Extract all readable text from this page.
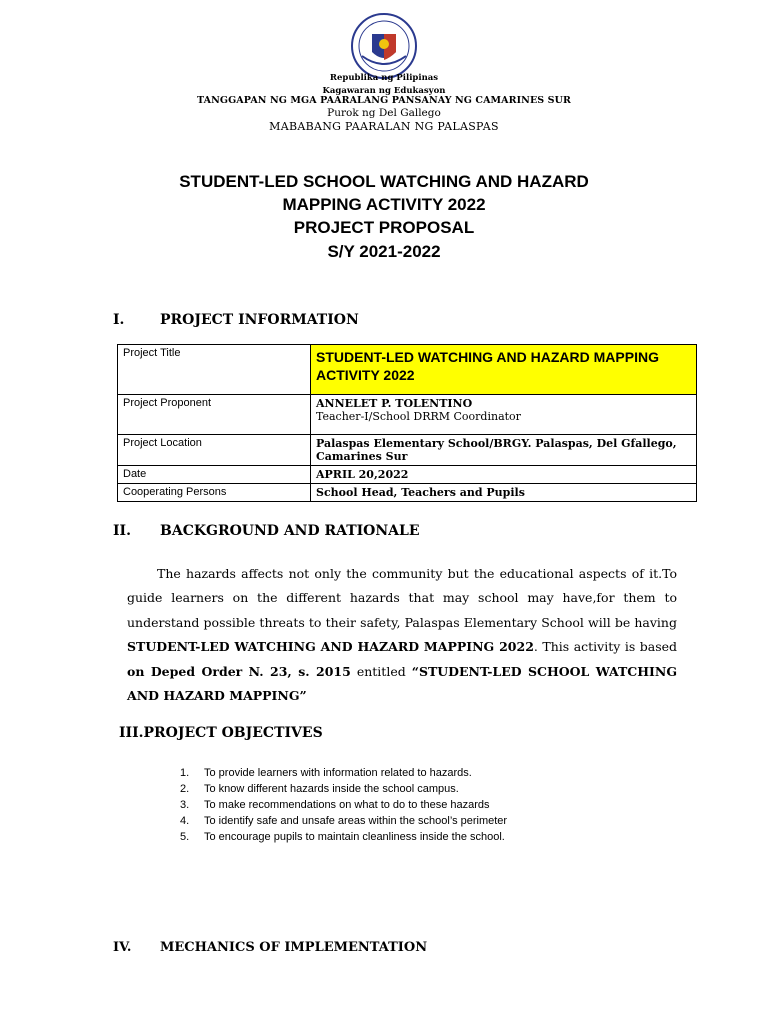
Republika ng Pilipinas
Kagawaran ng Edukasyon
TANGGAPAN NG MGA PAARALANG PANSANAY NG CAMARINES SUR
Purok ng Del Gallego
MABABANG PAARALAN NG PALASPAS
STUDENT-LED SCHOOL WATCHING AND HAZARD
MAPPING ACTIVITY 2022
PROJECT PROPOSAL
S/Y 2021-2022
I.	PROJECT INFORMATION
Project Title	STUDENT-LED WATCHING AND HAZARD MAPPING ACTIVITY 2022
Project Proponent	ANNELET P. TOLENTINO
Teacher-I/School DRRM Coordinator

Project Location	Palaspas Elementary School/BRGY. Palaspas, Del Gfallego, Camarines Sur
Date	APRIL 20,2022
Cooperating Persons	School Head, Teachers and Pupils
II. BACKGROUND AND RATIONALE
The hazards affects not only the community but the educational aspects of it.To guide learners on the different hazards that may school may have,for them to understand possible threats to their safety, Palaspas Elementary School will be having STUDENT-LED WATCHING AND HAZARD MAPPING 2022. This activity is based on Deped Order N. 23, s. 2015 entitled “STUDENT-LED SCHOOL WATCHING AND HAZARD MAPPING”
III.PROJECT OBJECTIVES
1. To provide learners with information related to hazards.
2. To know different hazards inside the school campus.
3. To make recommendations on what to do to these hazards
4. To identify safe and unsafe areas within the school’s perimeter
5. To encourage pupils to maintain cleanliness inside the school.
IV. MECHANICS OF IMPLEMENTATION
